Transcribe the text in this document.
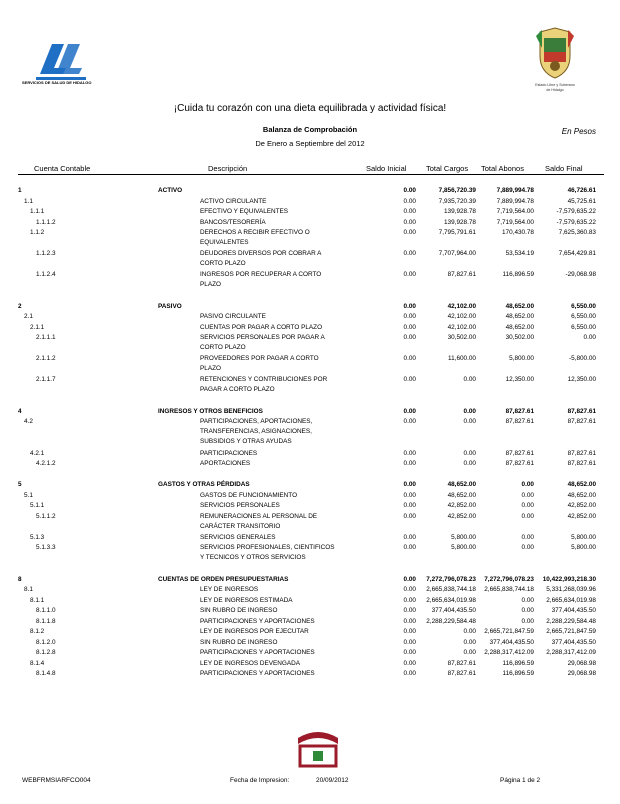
SERVICIOS DE SALUD DE HIDALGO	Estado Libre y Soberano
de Hidalgo
¡Cuida tu corazón con una dieta equilibrada y actividad física!
Balanza de Comprobación
De Enero a Septiembre del 2012
En Pesos
Cuenta Contable	Descripción	Saldo Inicial	Total Cargos Total Abonos	Saldo Final
1	ACTIVO	0.00	7,856,720.39	7,889,994.78	46,726.61
1.1	ACTIVO CIRCULANTE	0.00	7,935,720.39	7,889,994.78	45,725.61
1.1.1	EFECTIVO Y EQUIVALENTES	0.00	139,928.78	7,719,564.00	-7,579,635.22
1.1.1.2	BANCOS/TESORERÍA	0.00	139,928.78	7,719,564.00	-7,579,635.22
1.1.2	DERECHOS A RECIBIR EFECTIVO O
EQUIVALENTES
0.00	7,795,791.61	170,430.78	7,625,360.83
1.1.2.3	DEUDORES DIVERSOS POR COBRAR A
CORTO PLAZO
0.00	7,707,964.00	53,534.19	7,654,429.81
1.1.2.4	INGRESOS POR RECUPERAR A CORTO
PLAZO
0.00	87,827.61	116,896.59	-29,068.98
2	PASIVO	0.00	42,102.00	48,652.00	6,550.00
2.1	PASIVO CIRCULANTE	0.00	42,102.00	48,652.00	6,550.00
2.1.1	CUENTAS POR PAGAR A CORTO PLAZO	0.00	42,102.00	48,652.00	6,550.00
2.1.1.1	SERVICIOS PERSONALES POR PAGAR A
CORTO PLAZO
0.00	30,502.00	30,502.00	0.00
2.1.1.2	PROVEEDORES POR PAGAR A CORTO
PLAZO
0.00	11,600.00	5,800.00	-5,800.00
2.1.1.7	RETENCIONES Y CONTRIBUCIONES POR
PAGAR A CORTO PLAZO
0.00	0.00	12,350.00	12,350.00
4	INGRESOS Y OTROS BENEFICIOS	0.00	0.00	87,827.61	87,827.61
4.2	PARTICIPACIONES, APORTACIONES,
TRANSFERENCIAS, ASIGNACIONES,
SUBSIDIOS Y OTRAS AYUDAS
0.00	0.00	87,827.61	87,827.61
4.2.1	PARTICIPACIONES	0.00	0.00	87,827.61	87,827.61
4.2.1.2	APORTACIONES	0.00	0.00	87,827.61	87,827.61
5	GASTOS Y OTRAS PÉRDIDAS	0.00	48,652.00	0.00	48,652.00
5.1	GASTOS DE FUNCIONAMIENTO	0.00	48,652.00	0.00	48,652.00
5.1.1	SERVICIOS PERSONALES	0.00	42,852.00	0.00	42,852.00
5.1.1.2	REMUNERACIONES AL PERSONAL DE
CARÁCTER TRANSITORIO
0.00	42,852.00	0.00	42,852.00
5.1.3	SERVICIOS GENERALES	0.00	5,800.00	0.00	5,800.00
5.1.3.3	SERVICIOS PROFESIONALES, CIENTIFICOS
Y TECNICOS Y OTROS SERVICIOS
0.00	5,800.00	0.00	5,800.00
8	CUENTAS DE ORDEN PRESUPUESTARIAS	0.00 7,272,796,078.23 7,272,796,078.23 10,422,993,218.30
8.1	LEY DE INGRESOS	0.00 2,665,838,744.18 2,665,838,744.18 5,331,268,039.96
8.1.1	LEY DE INGRESOS ESTIMADA	0.00 2,665,634,019.98	0.00 2,665,634,019.98
8.1.1.0	SIN RUBRO DE INGRESO	0.00 377,404,435.50	0.00	377,404,435.50
8.1.1.8	PARTICIPACIONES Y APORTACIONES	0.00 2,288,229,584.48	0.00 2,288,229,584.48
8.1.2	LEY DE INGRESOS POR EJECUTAR	0.00	0.00 2,665,721,847.59 2,665,721,847.59
8.1.2.0	SIN RUBRO DE INGRESO	0.00	0.00 377,404,435.50	377,404,435.50
8.1.2.8	PARTICIPACIONES Y APORTACIONES	0.00	0.00 2,288,317,412.09 2,288,317,412.09
8.1.4	LEY DE INGRESOS DEVENGADA	0.00	87,827.61	116,896.59	29,068.98
8.1.4.8	PARTICIPACIONES Y APORTACIONES	0.00	87,827.61	116,896.59	29,068.98
WEBFRMSIARFCO004	Fecha de Impresion:	20/09/2012	Página 1 de 2
